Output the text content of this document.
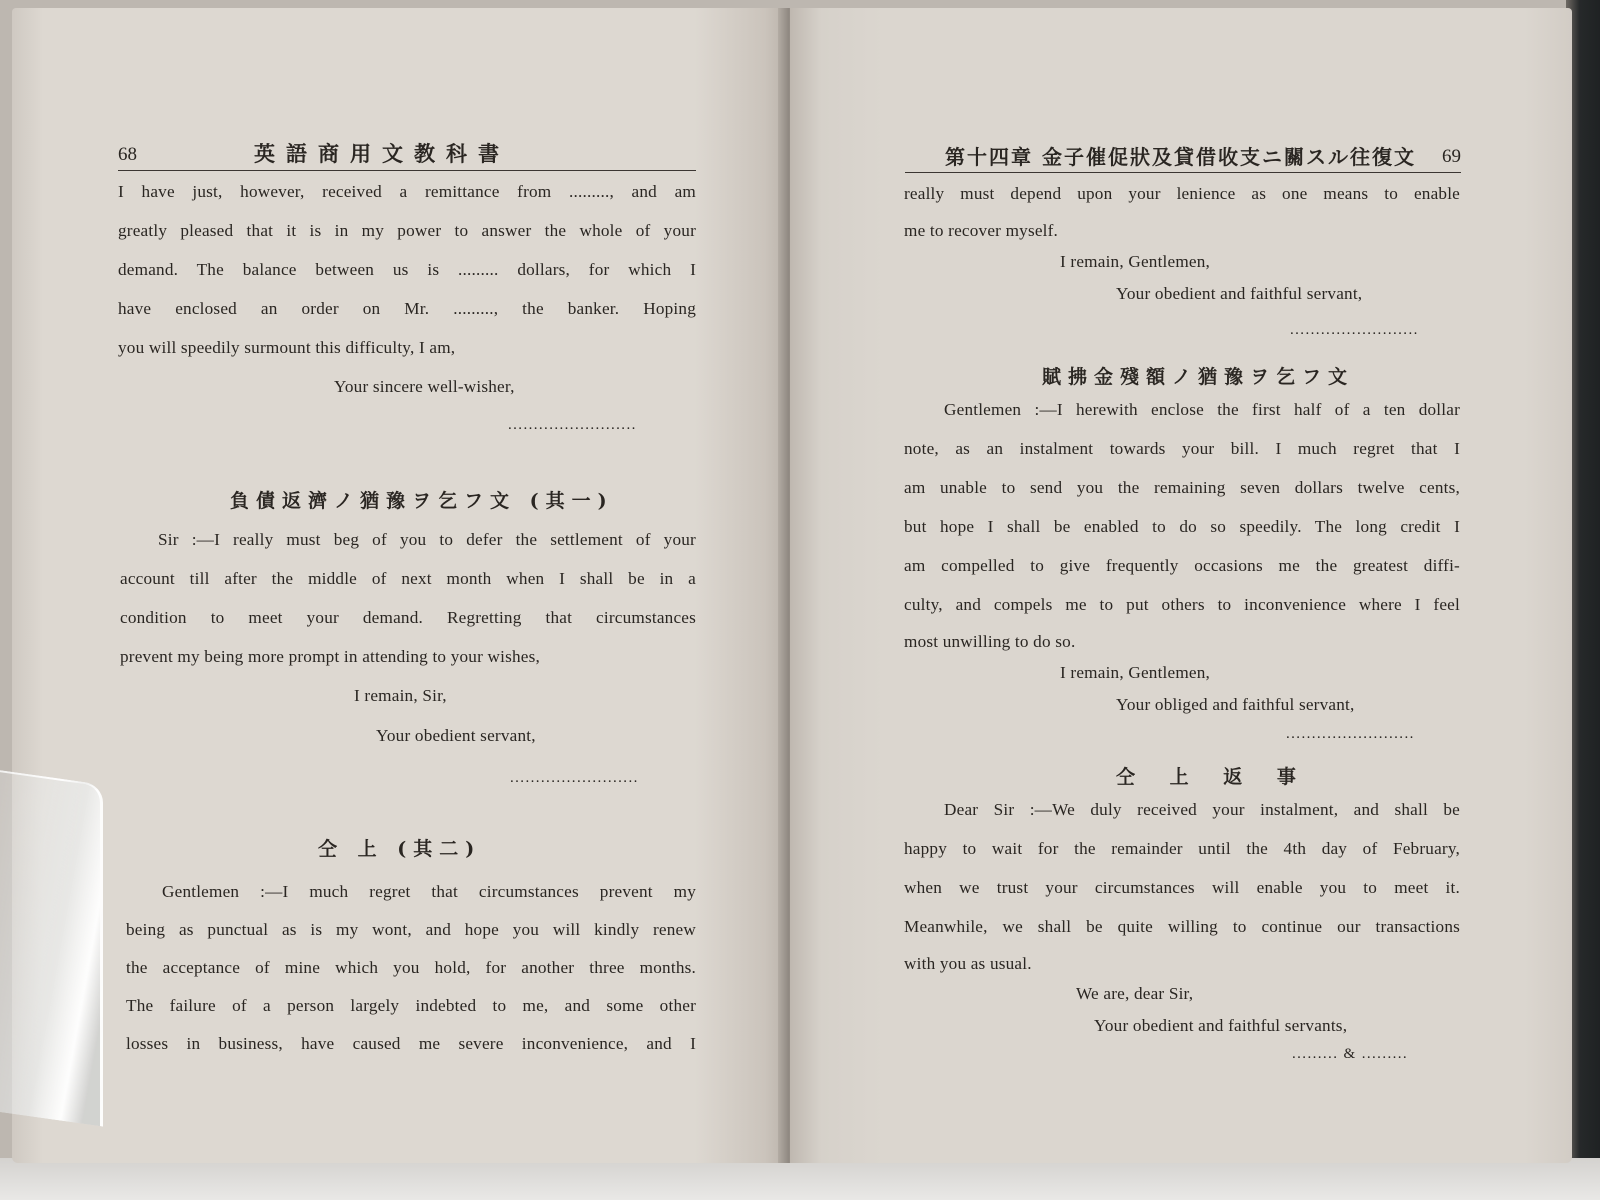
68	英語商用文教科書
I have just, however, received a remittance from ........., and am
greatly pleased that it is in my power to answer the whole of your
demand. The balance between us is ......... dollars, for which I
have enclosed an order on Mr. ........., the banker. Hoping
you will speedily surmount this difficulty, I am,
Your sincere well-wisher,
.........................
負債返濟ノ猶豫ヲ乞フ文 (其一)
Sir :—I really must beg of you to defer the settlement of your
account till after the middle of next month when I shall be in a
condition to meet your demand. Regretting that circumstances
prevent my being more prompt in attending to your wishes,
I remain, Sir,
Your obedient servant,
.........................
仝 上 (其二)
Gentlemen :—I much regret that circumstances prevent my
being as punctual as is my wont, and hope you will kindly renew
the acceptance of mine which you hold, for another three months.
The failure of a person largely indebted to me, and some other
losses in business, have caused me severe inconvenience, and I
第十四章 金子催促狀及貸借收支ニ關スル往復文 69
really must depend upon your lenience as one means to enable
me to recover myself.
I remain, Gentlemen,
Your obedient and faithful servant,
.........................
賦拂金殘額ノ猶豫ヲ乞フ文
Gentlemen :—I herewith enclose the first half of a ten dollar
note, as an instalment towards your bill. I much regret that I
am unable to send you the remaining seven dollars twelve cents,
but hope I shall be enabled to do so speedily. The long credit I
am compelled to give frequently occasions me the greatest diffi-
culty, and compels me to put others to inconvenience where I feel
most unwilling to do so.
I remain, Gentlemen,
Your obliged and faithful servant,
.........................
仝 上 返 事
Dear Sir :—We duly received your instalment, and shall be
happy to wait for the remainder until the 4th day of February,
when we trust your circumstances will enable you to meet it.
Meanwhile, we shall be quite willing to continue our transactions
with you as usual.
We are, dear Sir,
Your obedient and faithful servants,
......... & .........
